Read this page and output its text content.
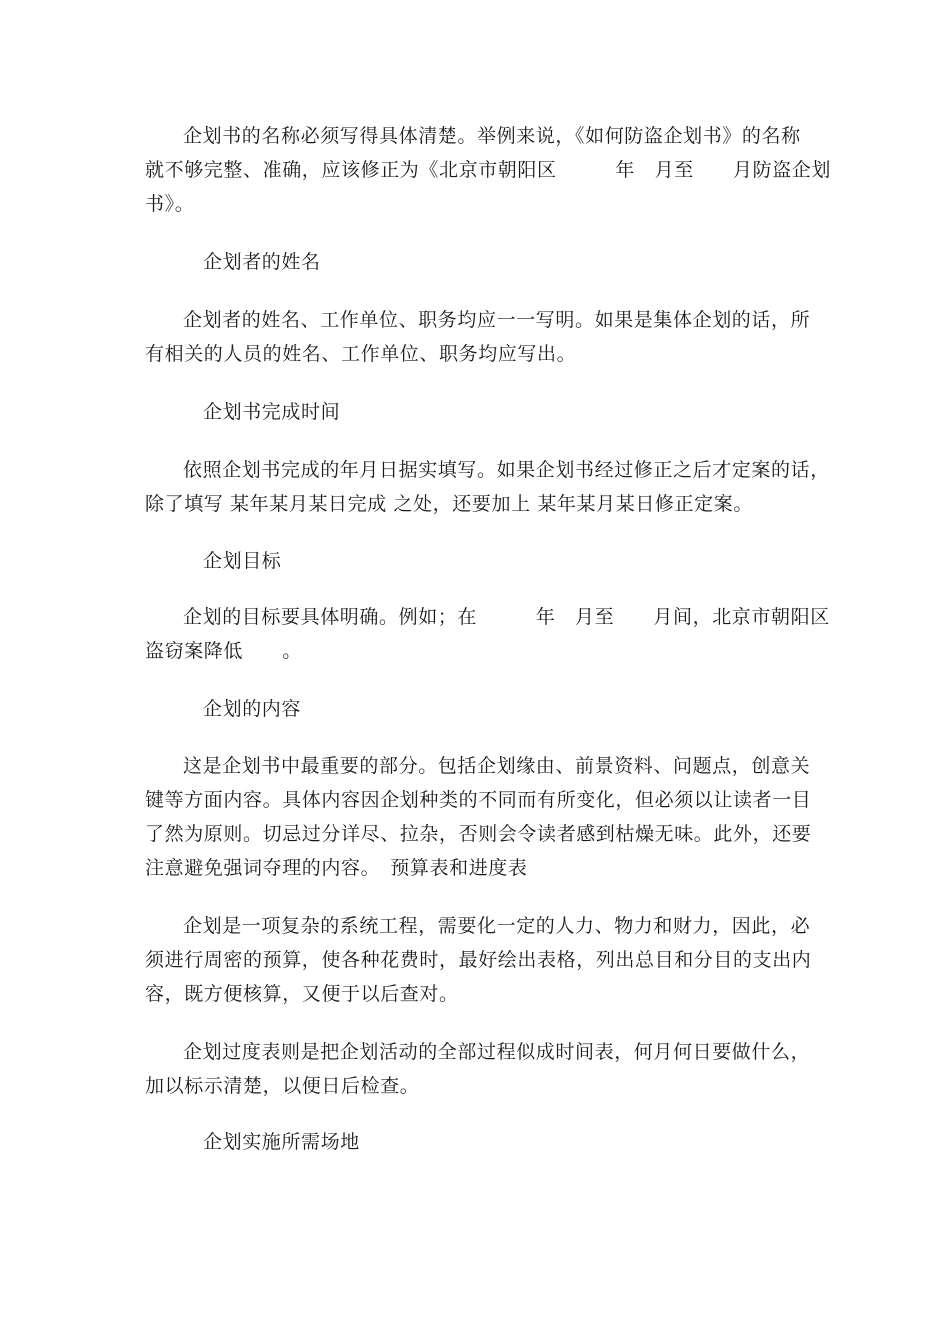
企划书的名称必须写得具体清楚。举例来说，《如何防盗企划书》的名称
就不够完整、准确，应该修正为《北京市朝阳区　　　年　月至　　月防盗企划
书》。
企划者的姓名
企划者的姓名、工作单位、职务均应一一写明。如果是集体企划的话，所
有相关的人员的姓名、工作单位、职务均应写出。
企划书完成时间
依照企划书完成的年月日据实填写。如果企划书经过修正之后才定案的话，
除了填写 某年某月某日完成 之处，还要加上 某年某月某日修正定案。
企划目标
企划的目标要具体明确。例如；在　　　年　月至　　月间，北京市朝阳区
盗窃案降低　　。
企划的内容
这是企划书中最重要的部分。包括企划缘由、前景资料、问题点，创意关
键等方面内容。具体内容因企划种类的不同而有所变化，但必须以让读者一目
了然为原则。切忌过分详尽、拉杂，否则会令读者感到枯燥无味。此外，还要
注意避免强词夺理的内容。　预算表和进度表
企划是一项复杂的系统工程，需要化一定的人力、物力和财力，因此，必
须进行周密的预算，使各种花费时，最好绘出表格，列出总目和分目的支出内
容，既方便核算，又便于以后查对。
企划过度表则是把企划活动的全部过程似成时间表，何月何日要做什么，
加以标示清楚，以便日后检查。
企划实施所需场地
